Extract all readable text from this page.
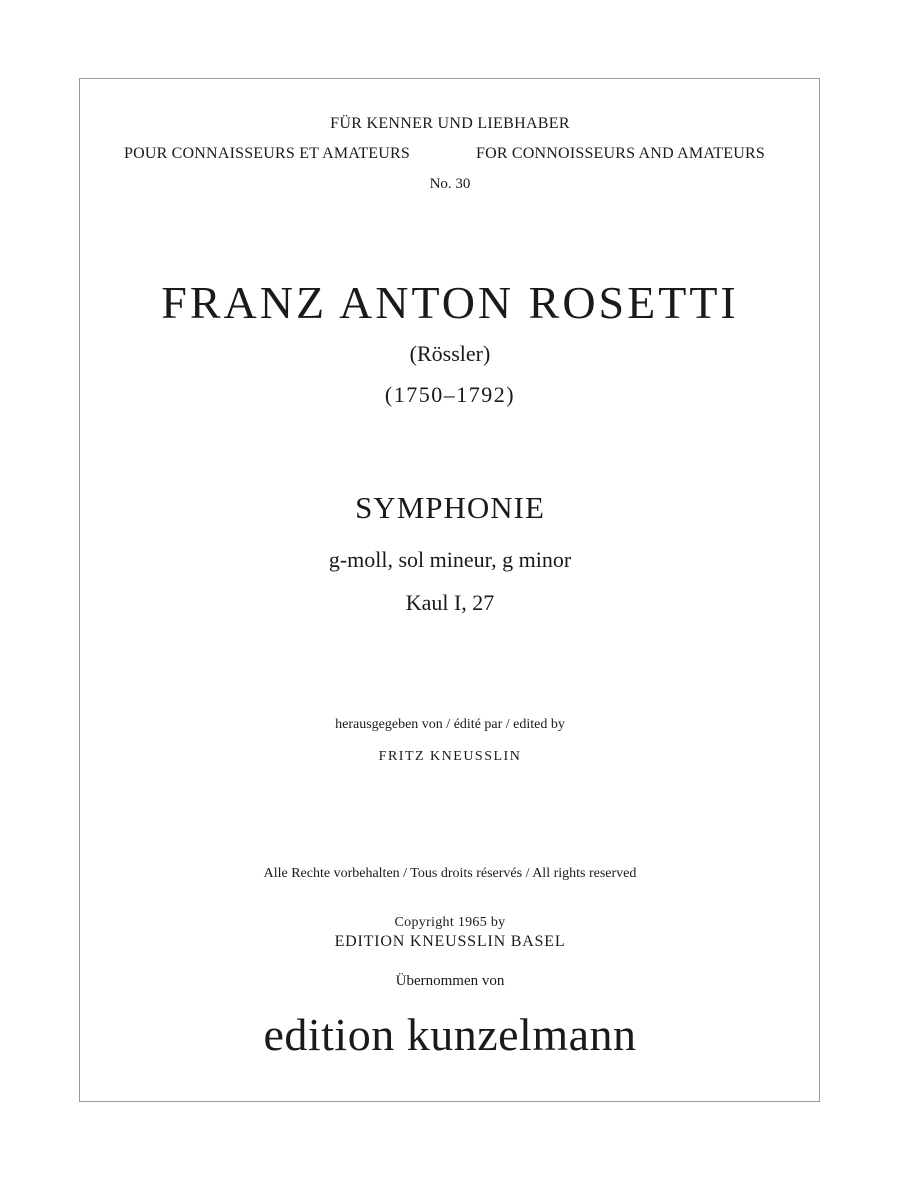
FÜR KENNER UND LIEBHABER
POUR CONNAISSEURS ET AMATEURS	FOR CONNOISSEURS AND AMATEURS
No. 30
FRANZ ANTON ROSETTI
(Rössler)
(1750–1792)
SYMPHONIE
g-moll, sol mineur, g minor
Kaul I, 27
herausgegeben von / édité par / edited by
FRITZ KNEUSSLIN
Alle Rechte vorbehalten / Tous droits réservés / All rights reserved
Copyright 1965 by
EDITION KNEUSSLIN BASEL
Übernommen von
edition kunzelmann
